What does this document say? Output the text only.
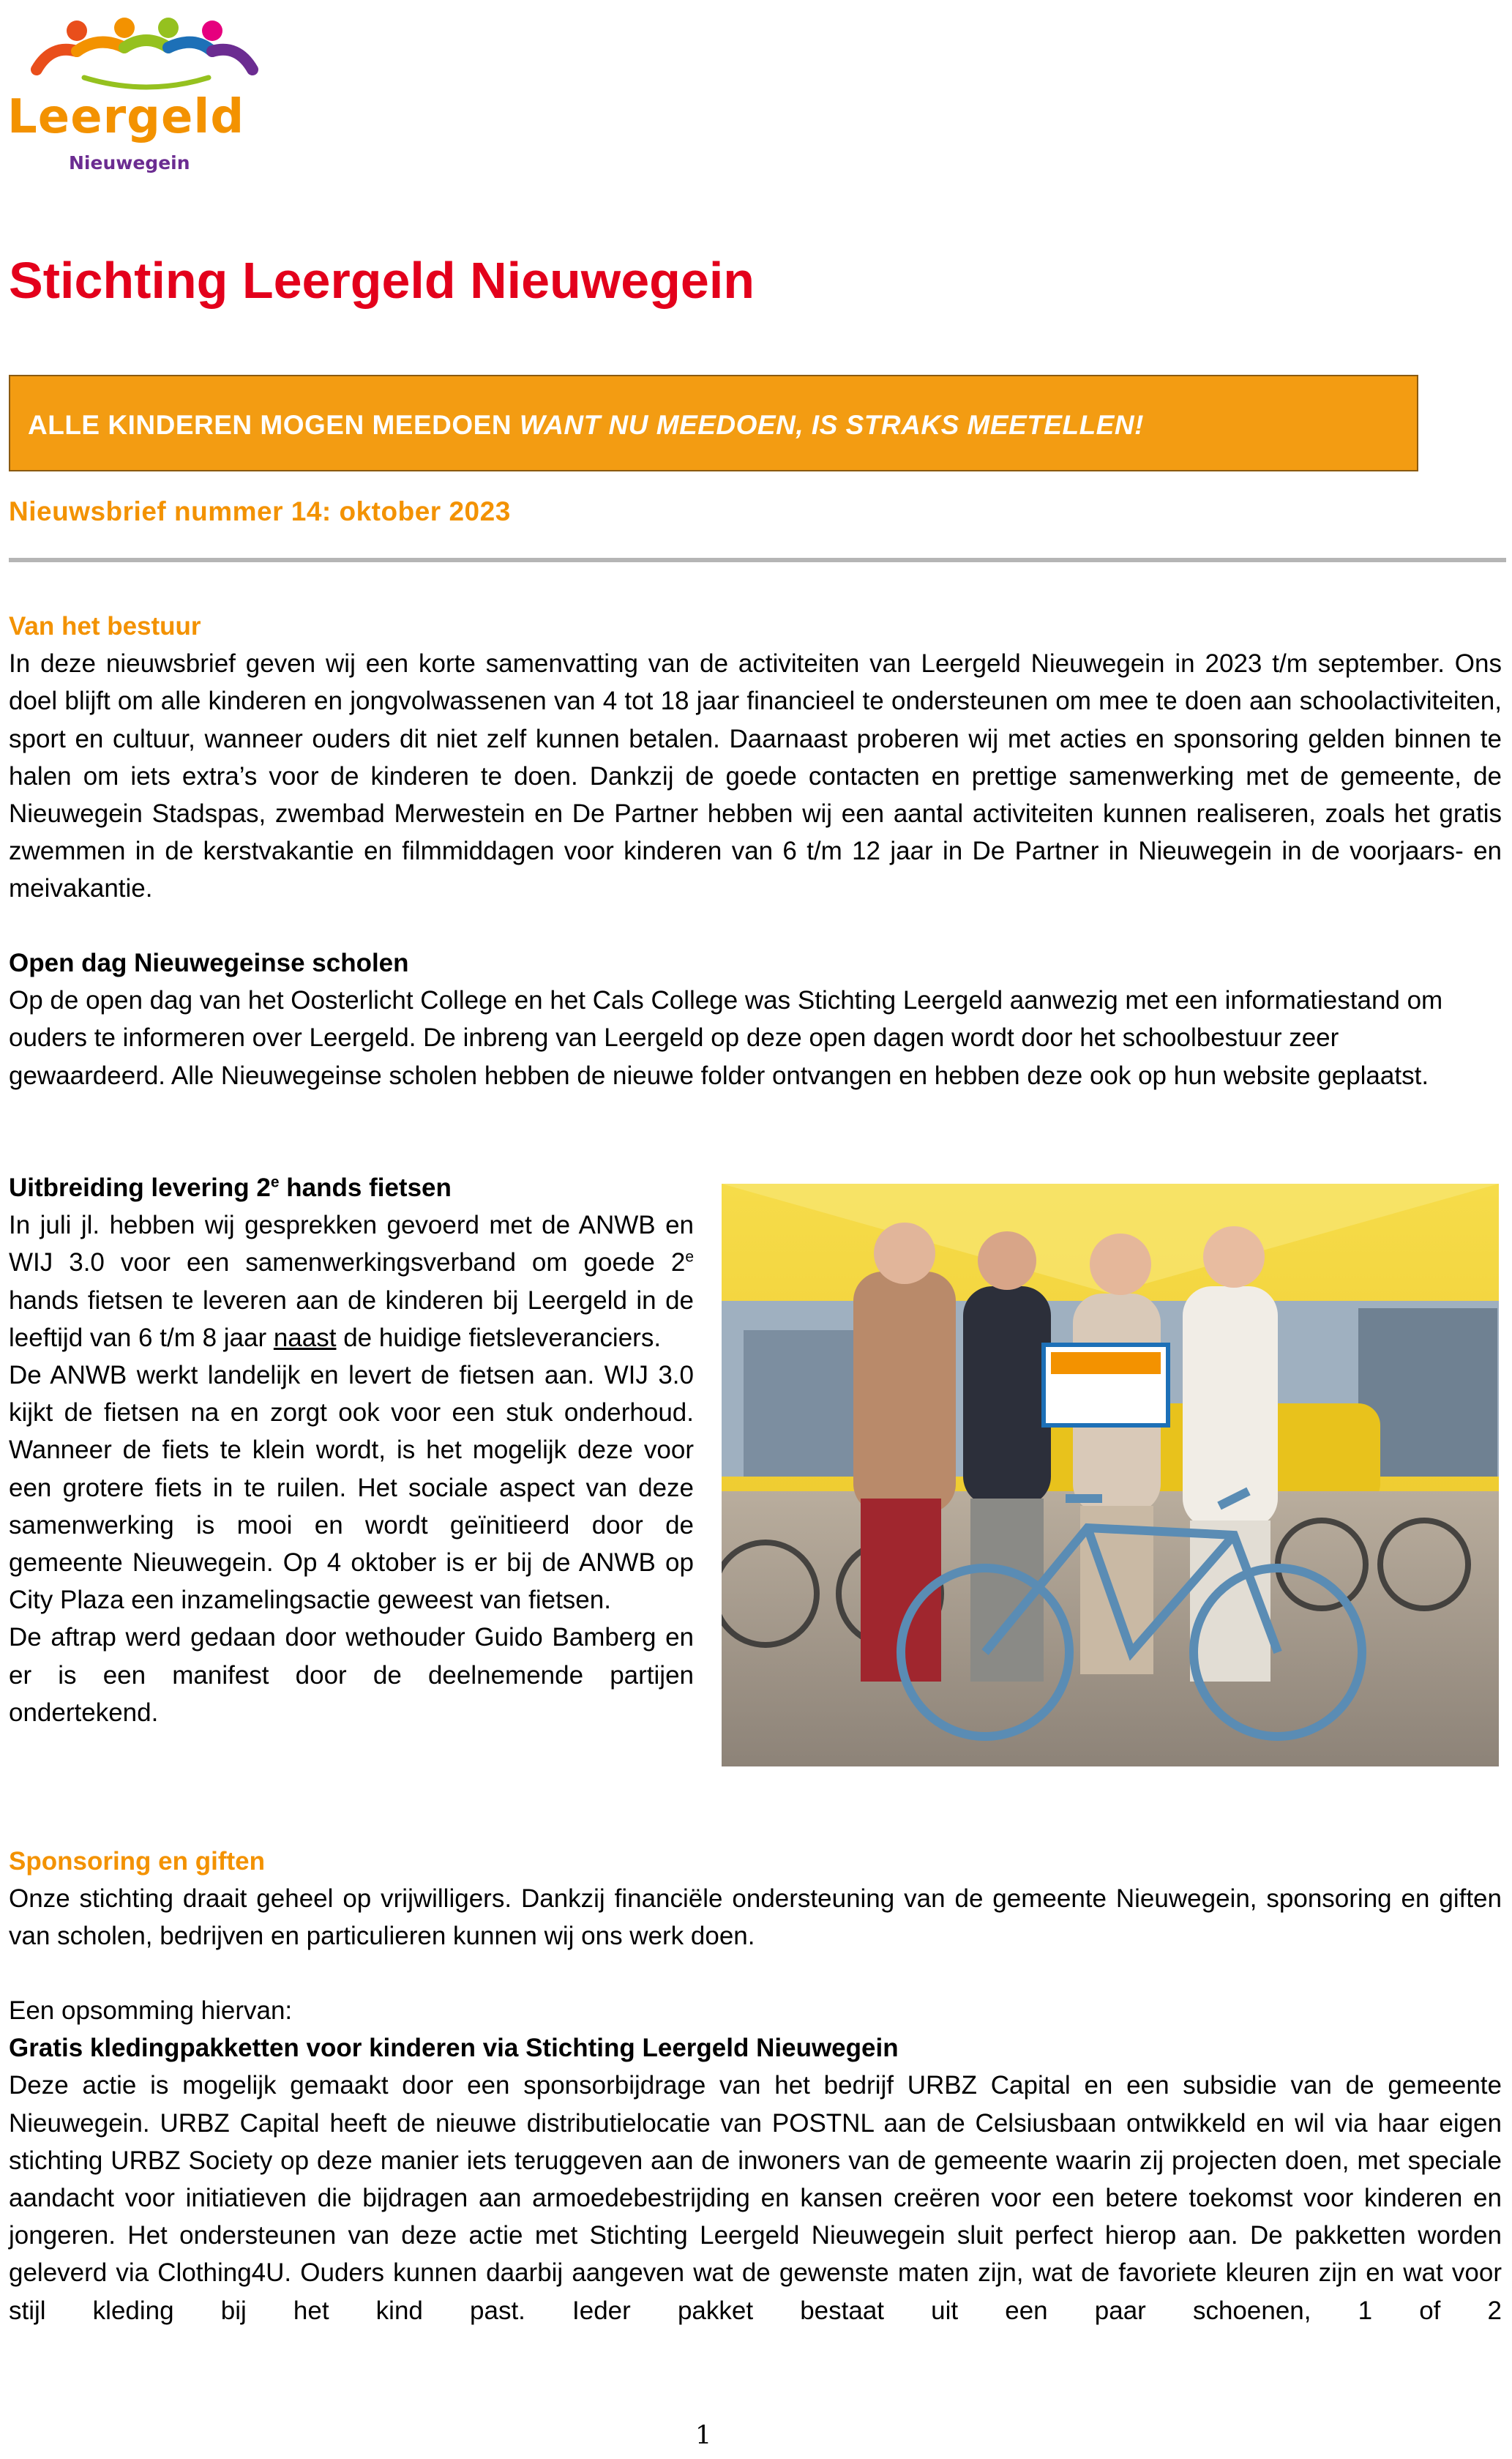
Leergeld
Nieuwegein
Stichting Leergeld Nieuwegein
ALLE KINDEREN MOGEN MEEDOEN WANT NU MEEDOEN, IS STRAKS MEETELLEN!
Nieuwsbrief nummer 14: oktober 2023

Van het bestuur

In deze nieuwsbrief geven wij een korte samenvatting van de activiteiten van Leergeld Nieuwegein in 2023 t/m september. Ons doel blijft om alle kinderen en jongvolwassenen van 4 tot 18 jaar financieel te ondersteunen om mee te doen aan schoolactiviteiten, sport en cultuur, wanneer ouders dit niet zelf kunnen betalen. Daarnaast proberen wij met acties en sponsoring gelden binnen te halen om iets extra’s voor de kinderen te doen. Dankzij de goede contacten en prettige samenwerking met de gemeente, de Nieuwegein Stadspas, zwembad Merwestein en De Partner hebben wij een aantal activiteiten kunnen realiseren, zoals het gratis zwemmen in de kerstvakantie en filmmiddagen voor kinderen van 6 t/m 12 jaar in De Partner in Nieuwegein in de voorjaars- en meivakantie.

Open dag Nieuwegeinse scholen

Op de open dag van het Oosterlicht College en het Cals College was Stichting Leergeld aanwezig met een informatiestand om ouders te informeren over Leergeld. De inbreng van Leergeld op deze open dagen wordt door het schoolbestuur zeer gewaardeerd. Alle Nieuwegeinse scholen hebben de nieuwe folder ontvangen en hebben deze ook op hun website geplaatst.

Uitbreiding levering 2e hands fietsen

In juli jl. hebben wij gesprekken gevoerd met de ANWB en WIJ 3.0 voor een samenwerkingsverband om goede 2e hands fietsen te leveren aan de kinderen bij Leergeld in de leeftijd van 6 t/m 8 jaar naast de huidige fietsleveranciers.

De ANWB werkt landelijk en levert de fietsen aan. WIJ 3.0 kijkt de fietsen na en zorgt ook voor een stuk onderhoud. Wanneer de fiets te klein wordt, is het mogelijk deze voor een grotere fiets in te ruilen. Het sociale aspect van deze samenwerking is mooi en wordt geïnitieerd door de gemeente Nieuwegein. Op 4 oktober is er bij de ANWB op City Plaza een inzamelingsactie geweest van fietsen.

De aftrap werd gedaan door wethouder Guido Bamberg en er is een manifest door de deelnemende partijen ondertekend.

Sponsoring en giften

Onze stichting draait geheel op vrijwilligers. Dankzij financiële ondersteuning van de gemeente Nieuwegein, sponsoring en giften van scholen, bedrijven en particulieren kunnen wij ons werk doen.

Een opsomming hiervan:

Gratis kledingpakketten voor kinderen via Stichting Leergeld Nieuwegein

Deze actie is mogelijk gemaakt door een sponsorbijdrage van het bedrijf URBZ Capital en een subsidie van de gemeente Nieuwegein. URBZ Capital heeft de nieuwe distributielocatie van POSTNL aan de Celsiusbaan ontwikkeld en wil via haar eigen stichting URBZ Society op deze manier iets teruggeven aan de inwoners van de gemeente waarin zij projecten doen, met speciale aandacht voor initiatieven die bijdragen aan armoedebestrijding en kansen creëren voor een betere toekomst voor kinderen en jongeren. Het ondersteunen van deze actie met Stichting Leergeld Nieuwegein sluit perfect hierop aan. De pakketten worden geleverd via Clothing4U. Ouders kunnen daarbij aangeven wat de gewenste maten zijn, wat de favoriete kleuren zijn en wat voor stijl kleding bij het kind past. Ieder pakket bestaat uit een paar schoenen, 1 of 2

1
